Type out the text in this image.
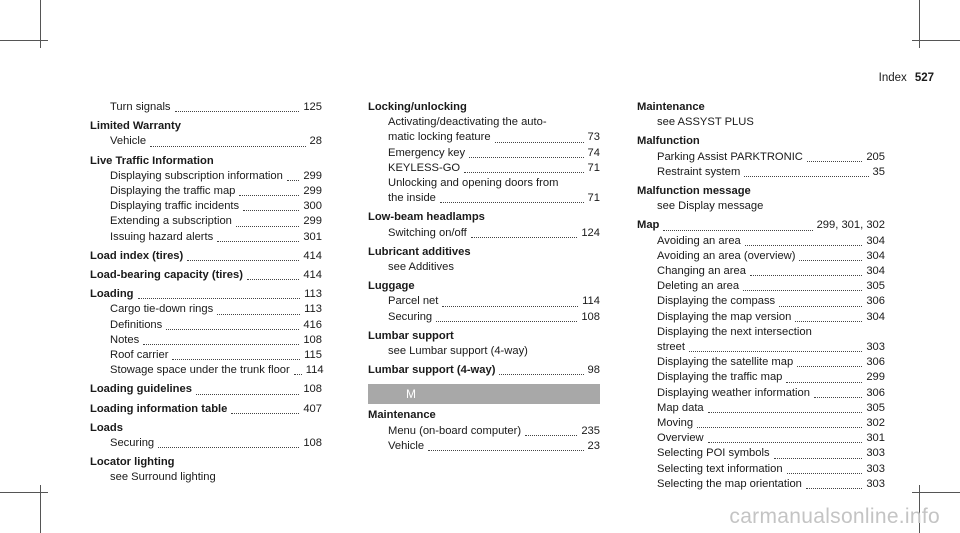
Index 527
Turn signals	125
Limited Warranty
Vehicle	28
Live Traffic Information
Displaying subscription information 299
Displaying the traffic map	299
Displaying traffic incidents	300
Extending a subscription	299
Issuing hazard alerts	301
Load index (tires)	414
Load-bearing capacity (tires)	414
Loading	113
Cargo tie-down rings	113
Definitions	416
Notes	108
Roof carrier	115
Stowage space under the trunk floor 114
Loading guidelines	108
Loading information table	407
Loads
Securing	108
Locator lighting
see Surround lighting
Locking/unlocking
Activating/deactivating the auto-
matic locking feature	73
Emergency key	74
KEYLESS-GO	71
Unlocking and opening doors from
the inside	71
Low-beam headlamps
Switching on/off	124
Lubricant additives
see Additives
Luggage
Parcel net	114
Securing	108
Lumbar support
see Lumbar support (4-way)
Lumbar support (4-way)	98
M
Maintenance
Menu (on-board computer)	235
Vehicle	23
Maintenance
see ASSYST PLUS
Malfunction
Parking Assist PARKTRONIC	205
Restraint system	35
Malfunction message
see Display message
Map	299, 301, 302
Avoiding an area	304
Avoiding an area (overview)	304
Changing an area	304
Deleting an area	305
Displaying the compass	306
Displaying the map version	304
Displaying the next intersection
street	303
Displaying the satellite map	306
Displaying the traffic map	299
Displaying weather information	306
Map data	305
Moving	302
Overview	301
Selecting POI symbols	303
Selecting text information	303
Selecting the map orientation	303
carmanualsonline.info
